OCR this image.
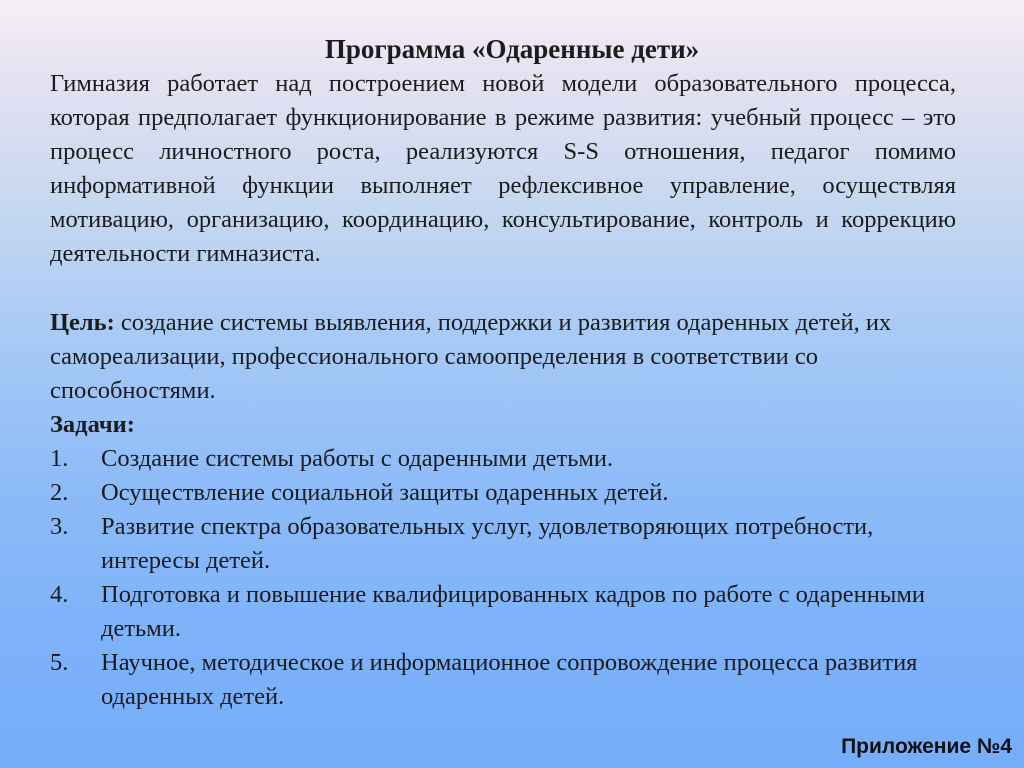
Программа «Одаренные дети»

Гимназия работает над построением новой модели образовательного процесса, которая предполагает функционирование в режиме развития: учебный процесс – это процесс личностного роста, реализуются S-S отношения, педагог помимо информативной функции выполняет рефлексивное управление, осуществляя мотивацию, организацию, координацию, консультирование, контроль и коррекцию деятельности гимназиста.

Цель: создание системы выявления, поддержки и развития одаренных детей, их самореализации, профессионального самоопределения в соответствии со способностями.

Задачи:

1. Создание системы работы с одаренными детьми.
2. Осуществление социальной защиты одаренных детей.
3. Развитие спектра образовательных услуг, удовлетворяющих потребности, интересы детей.
4. Подготовка и повышение квалифицированных кадров по работе с одаренными детьми.
5. Научное, методическое и информационное сопровождение процесса развития одаренных детей.
Приложение №4
